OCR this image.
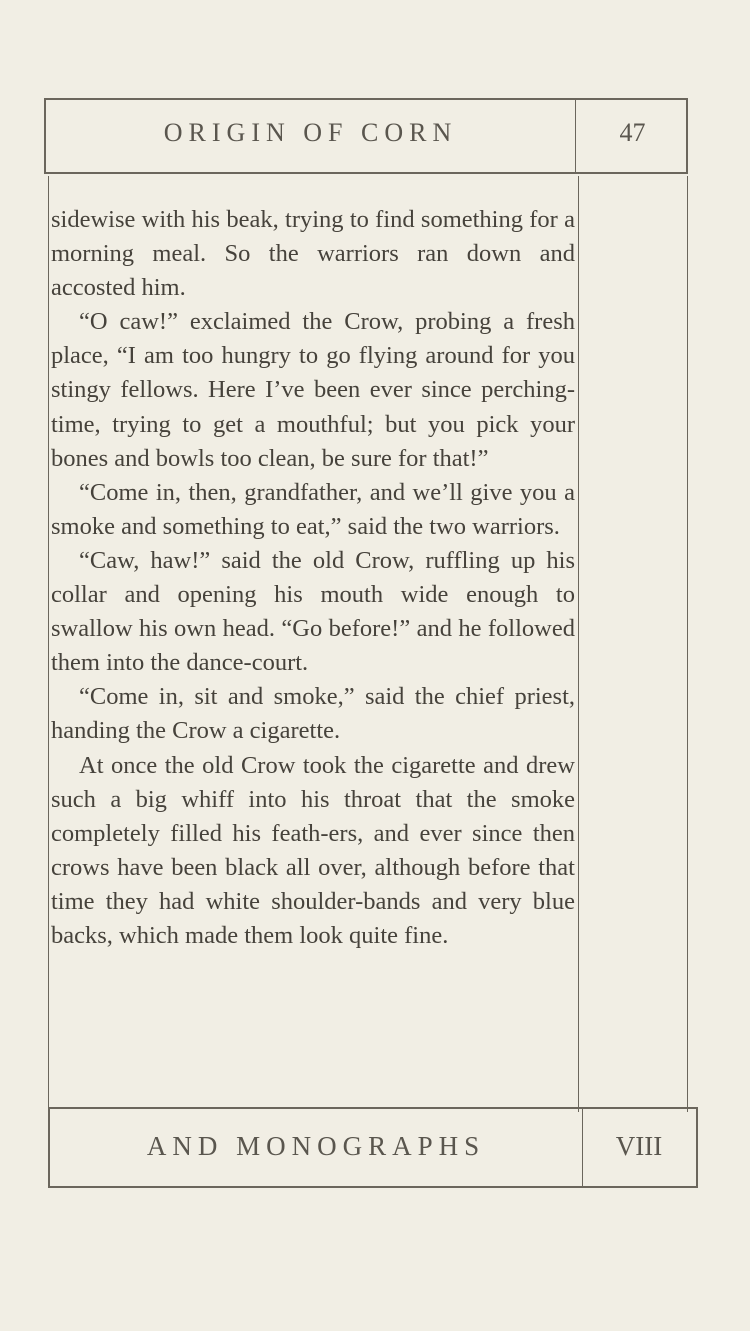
ORIGIN OF CORN	47

sidewise with his beak, trying to find something for a morning meal. So the warriors ran down and accosted him.

“O caw!” exclaimed the Crow, probing a fresh place, “I am too hungry to go flying around for you stingy fellows. Here I’ve been ever since perching-time, trying to get a mouthful; but you pick your bones and bowls too clean, be sure for that!”

“Come in, then, grandfather, and we’ll give you a smoke and something to eat,” said the two warriors.

“Caw, haw!” said the old Crow, ruffling up his collar and opening his mouth wide enough to swallow his own head. “Go before!” and he followed them into the dance-court.

“Come in, sit and smoke,” said the chief priest, handing the Crow a cigarette.

At once the old Crow took the cigarette and drew such a big whiff into his throat that the smoke completely filled his feath-ers, and ever since then crows have been black all over, although before that time they had white shoulder-bands and very blue backs, which made them look quite fine.

AND MONOGRAPHS	VIII
